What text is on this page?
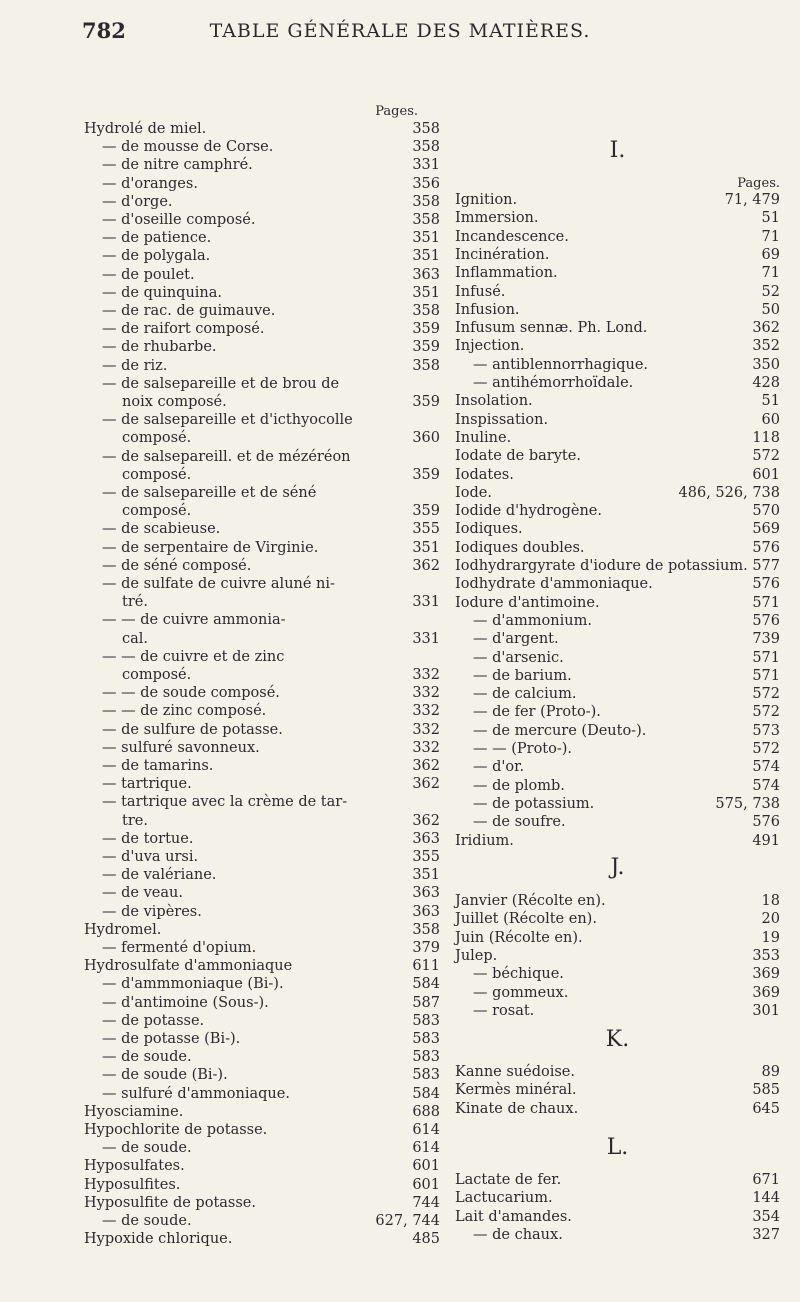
782	TABLE GÉNÉRALE DES MATIÈRES.
Pages.
Hydrolé de miel.	358
— de mousse de Corse.	358
— de nitre camphré.	331
— d'oranges.	356
— d'orge.	358
— d'oseille composé.	358
— de patience.	351
— de polygala.	351
— de poulet.	363
— de quinquina.	351
— de rac. de guimauve.	358
— de raifort composé.	359
— de rhubarbe.	359
— de riz.	358
— de salsepareille et de brou de
noix composé.	359
— de salsepareille et d'icthyocolle
composé.	360
— de salsepareill. et de mézéréon
composé.	359
— de salsepareille et de séné
composé.	359
— de scabieuse.	355
— de serpentaire de Virginie.	351
— de séné composé.	362
— de sulfate de cuivre aluné ni-
tré.	331
— — de cuivre ammonia-
cal.	331
— — de cuivre et de zinc
composé.	332
— — de soude composé.	332
— — de zinc composé.	332
— de sulfure de potasse.	332
— sulfuré savonneux.	332
— de tamarins.	362
— tartrique.	362
— tartrique avec la crème de tar-
tre.	362
— de tortue.	363
— d'uva ursi.	355
— de valériane.	351
— de veau.	363
— de vipères.	363
Hydromel.	358
— fermenté d'opium.	379
Hydrosulfate d'ammoniaque	611
— d'ammmoniaque (Bi-).	584
— d'antimoine (Sous-).	587
— de potasse.	583
— de potasse (Bi-).	583
— de soude.	583
— de soude (Bi-).	583
— sulfuré d'ammoniaque.	584
Hyosciamine.	688
Hypochlorite de potasse.	614
— de soude.	614
Hyposulfates.	601
Hyposulfites.	601
Hyposulfite de potasse.	744
— de soude.	627, 744
Hypoxide chlorique.	485
I.
Pages.
Ignition.	71, 479
Immersion.	51
Incandescence.	71
Incinération.	69
Inflammation.	71
Infusé.	52
Infusion.	50
Infusum sennæ. Ph. Lond.	362
Injection.	352
— antiblennorrhagique.	350
— antihémorrhoïdale.	428
Insolation.	51
Inspissation.	60
Inuline.	118
Iodate de baryte.	572
Iodates.	601
Iode.	486, 526, 738
Iodide d'hydrogène.	570
Iodiques.	569
Iodiques doubles.	576
Iodhydrargyrate d'iodure de potassium. 577
Iodhydrate d'ammoniaque.	576
Iodure d'antimoine.	571
— d'ammonium.	576
— d'argent.	739
— d'arsenic.	571
— de barium.	571
— de calcium.	572
— de fer (Proto-).	572
— de mercure (Deuto-).	573
— — (Proto-).	572
— d'or.	574
— de plomb.	574
— de potassium.	575, 738
— de soufre.	576
Iridium.	491
J.
Janvier (Récolte en).	18
Juillet (Récolte en).	20
Juin (Récolte en).	19
Julep.	353
— béchique.	369
— gommeux.	369
— rosat.	301
K.
Kanne suédoise.	89
Kermès minéral.	585
Kinate de chaux.	645
L.
Lactate de fer.	671
Lactucarium.	144
Lait d'amandes.	354
— de chaux.	327
